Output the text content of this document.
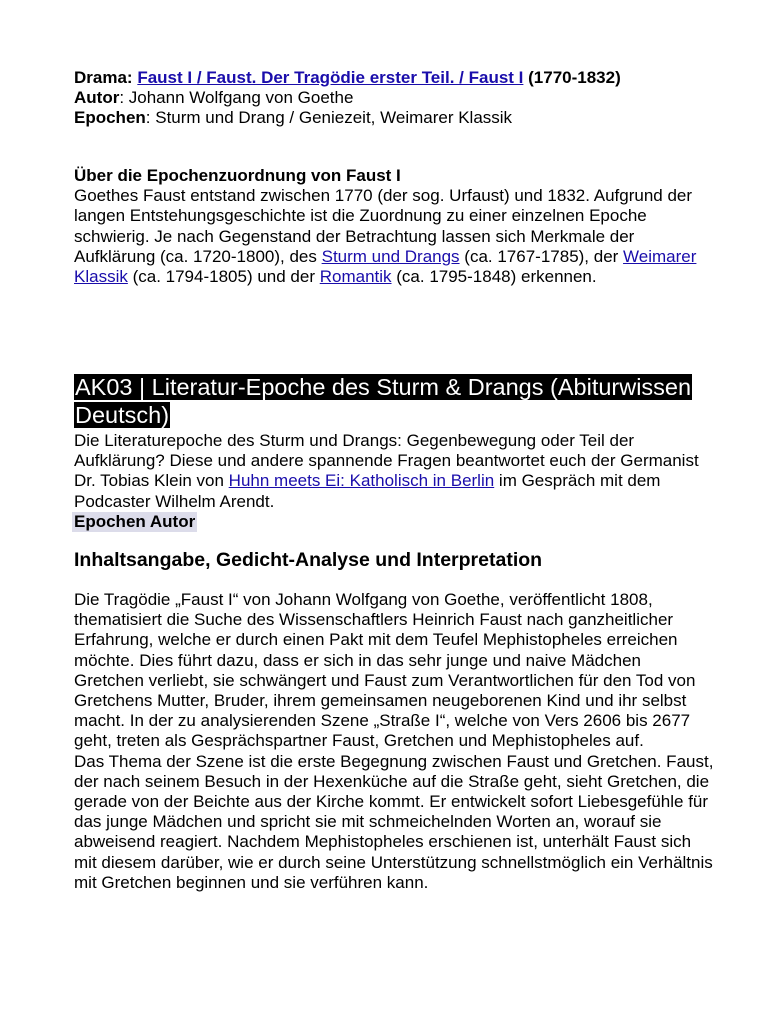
Drama: Faust I / Faust. Der Tragödie erster Teil. / Faust I (1770-1832)

Autor: Johann Wolfgang von Goethe

Epochen: Sturm und Drang / Geniezeit, Weimarer Klassik

Über die Epochenzuordnung von Faust I

Goethes Faust entstand zwischen 1770 (der sog. Urfaust) und 1832. Aufgrund der langen Entstehungsgeschichte ist die Zuordnung zu einer einzelnen Epoche schwierig. Je nach Gegenstand der Betrachtung lassen sich Merkmale der Aufklärung (ca. 1720-1800), des Sturm und Drangs (ca. 1767-1785), der Weimarer Klassik (ca. 1794-1805) und der Romantik (ca. 1795-1848) erkennen.

AK03 | Literatur-Epoche des Sturm & Drangs (Abiturwissen Deutsch)

Die Literaturepoche des Sturm und Drangs: Gegenbewegung oder Teil der Aufklärung? Diese und andere spannende Fragen beantwortet euch der Germanist Dr. Tobias Klein von Huhn meets Ei: Katholisch in Berlin im Gespräch mit dem Podcaster Wilhelm Arendt.

Epochen Autor

Inhaltsangabe, Gedicht-Analyse und Interpretation

Die Tragödie „Faust I“ von Johann Wolfgang von Goethe, veröffentlicht 1808, thematisiert die Suche des Wissenschaftlers Heinrich Faust nach ganzheitlicher Erfahrung, welche er durch einen Pakt mit dem Teufel Mephistopheles erreichen möchte. Dies führt dazu, dass er sich in das sehr junge und naive Mädchen Gretchen verliebt, sie schwängert und Faust zum Verantwortlichen für den Tod von Gretchens Mutter, Bruder, ihrem gemeinsamen neugeborenen Kind und ihr selbst macht. In der zu analysierenden Szene „Straße I“, welche von Vers 2606 bis 2677 geht, treten als Gesprächspartner Faust, Gretchen und Mephistopheles auf.

Das Thema der Szene ist die erste Begegnung zwischen Faust und Gretchen. Faust, der nach seinem Besuch in der Hexenküche auf die Straße geht, sieht Gretchen, die gerade von der Beichte aus der Kirche kommt. Er entwickelt sofort Liebesgefühle für das junge Mädchen und spricht sie mit schmeichelnden Worten an, worauf sie abweisend reagiert. Nachdem Mephistopheles erschienen ist, unterhält Faust sich mit diesem darüber, wie er durch seine Unterstützung schnellstmöglich ein Verhältnis mit Gretchen beginnen und sie verführen kann.
